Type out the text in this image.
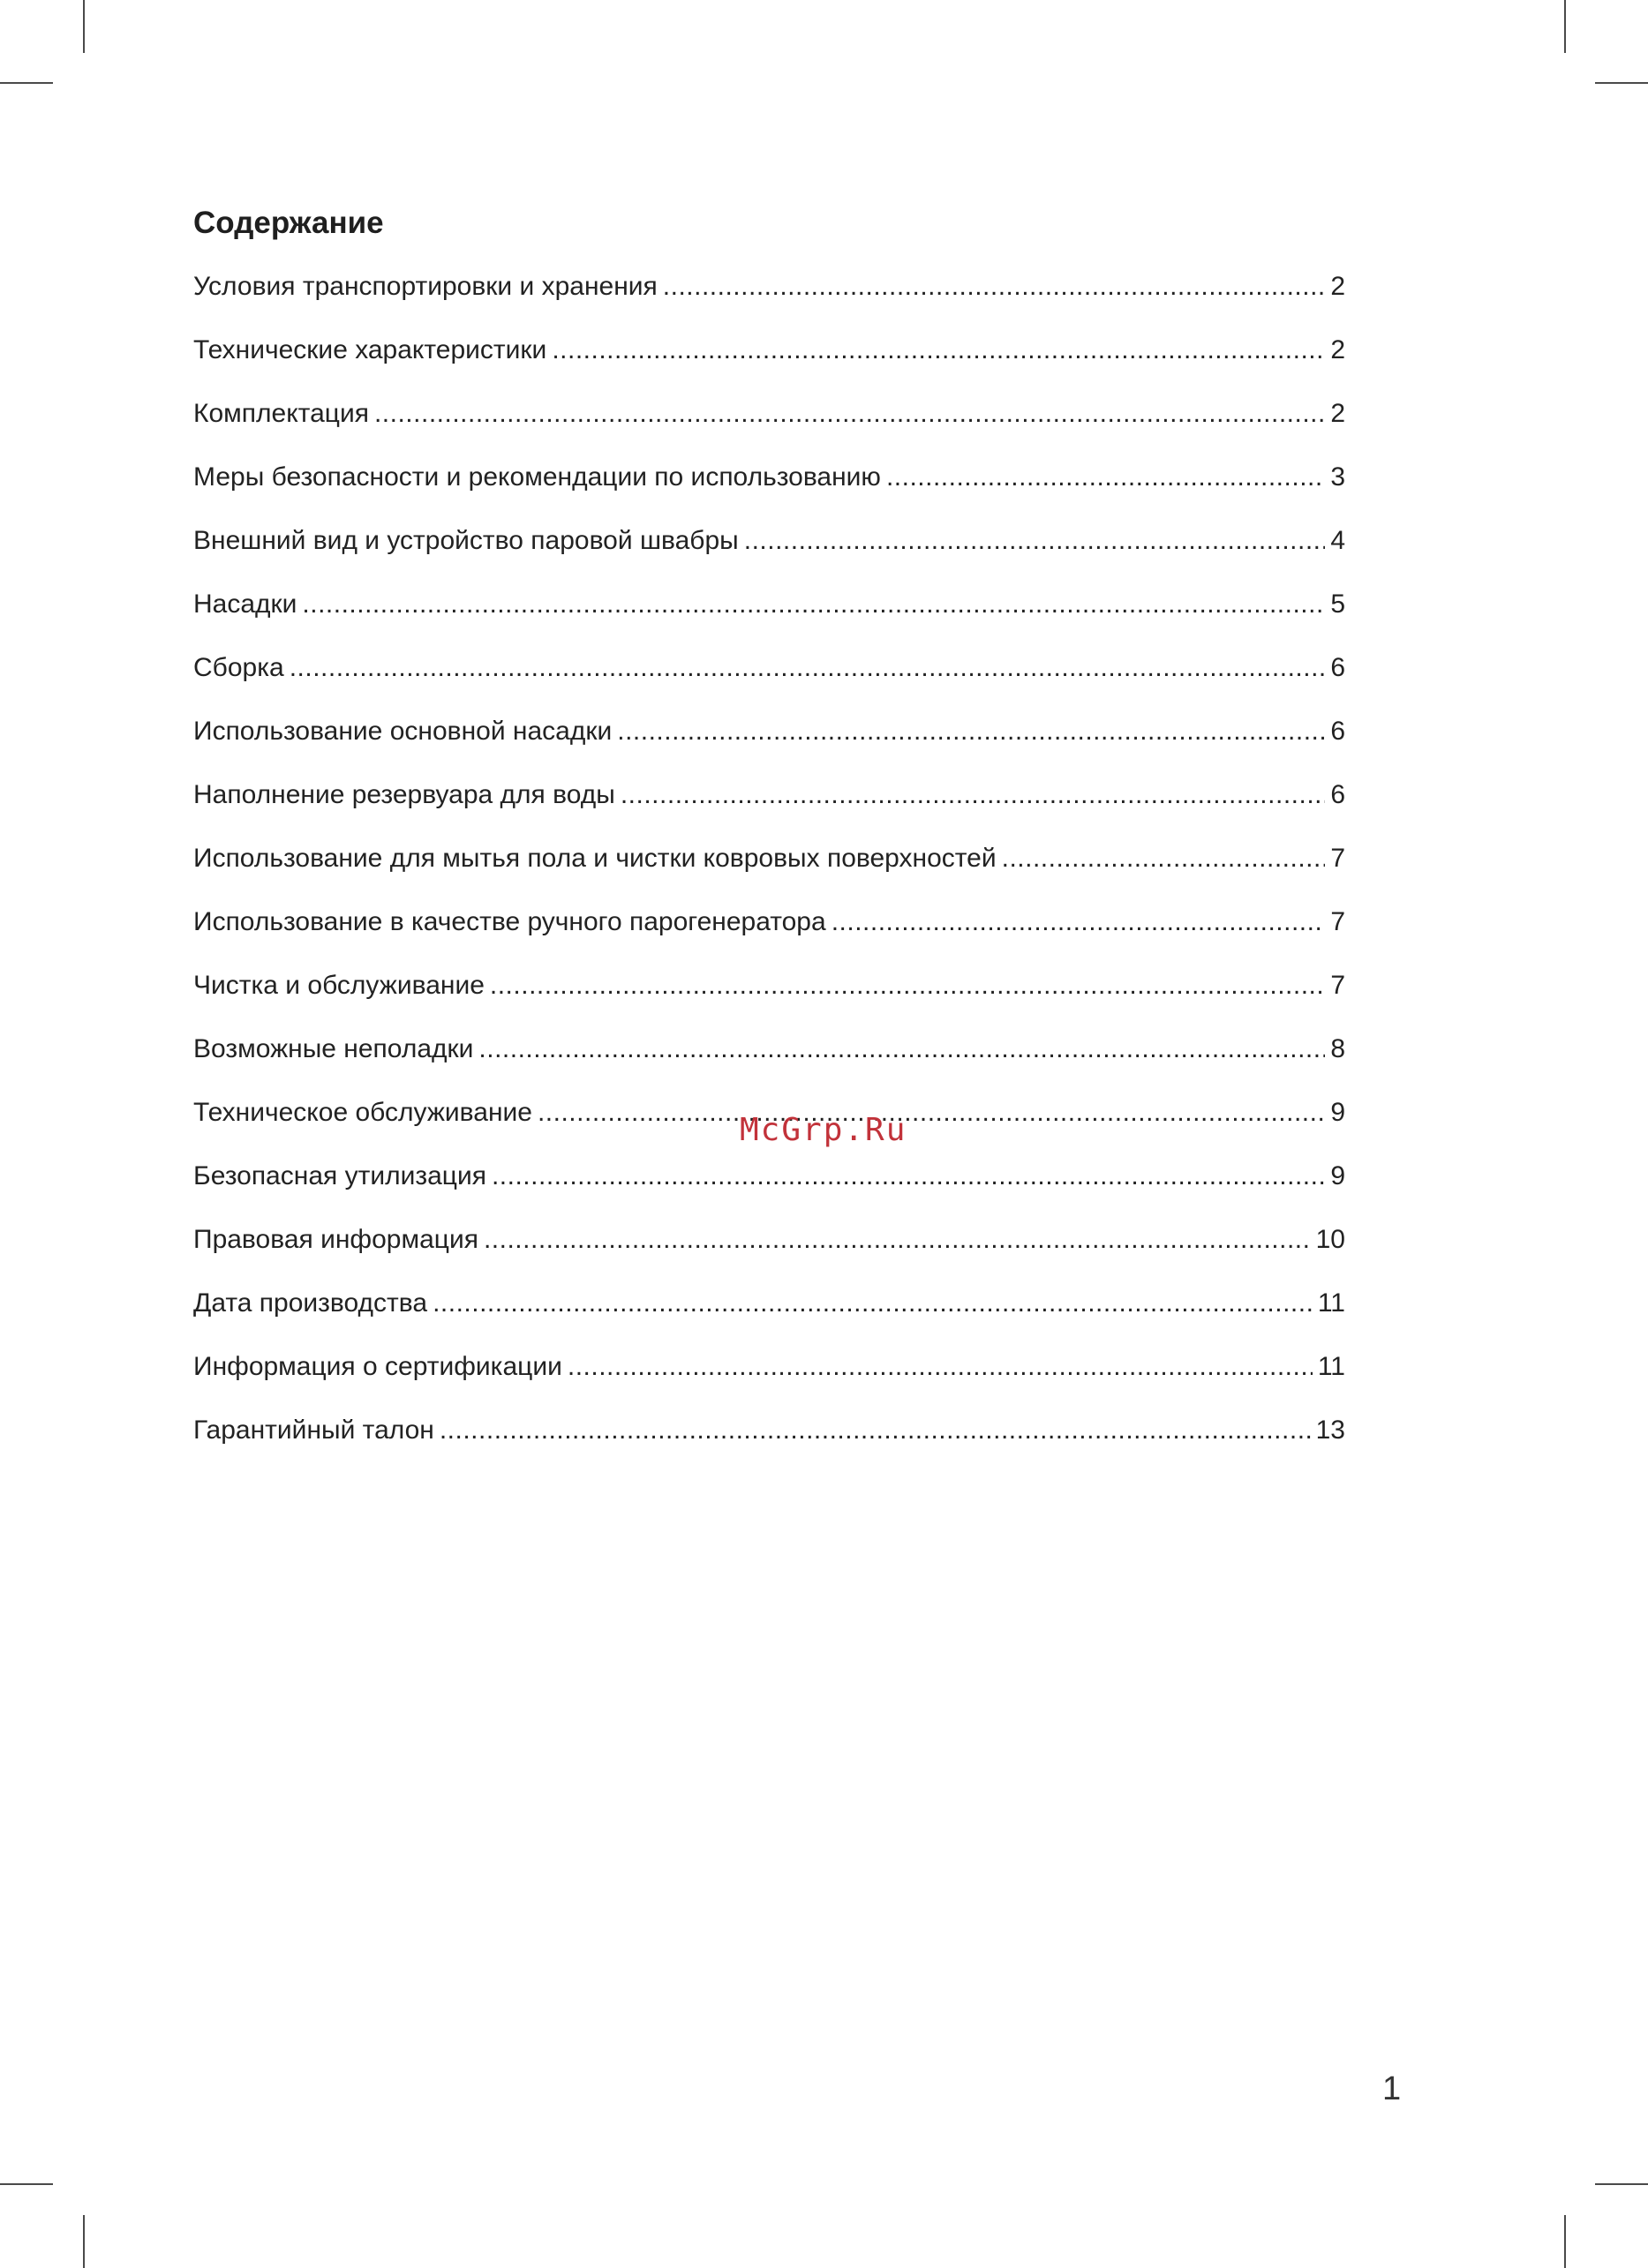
Содержание
Условия транспортировки и хранения .....	2
Технические характеристики .....	2
Комплектация .....	2
Меры безопасности и рекомендации по использованию .....	3
Внешний вид и устройство паровой швабры .....	4
Насадки .....	5
Сборка .....	6
Использование основной насадки .....	6
Наполнение резервуара для воды .....	6
Использование для мытья пола и чистки ковровых поверхностей .....	7
Использование в качестве ручного парогенератора .....	7
Чистка и обслуживание .....	7
Возможные неполадки .....	8
Техническое обслуживание .....	9
Безопасная утилизация .....	9
Правовая информация .....	10
Дата производства .....	11
Информация о сертификации .....	11
Гарантийный талон .....	13
McGrp.Ru
1
